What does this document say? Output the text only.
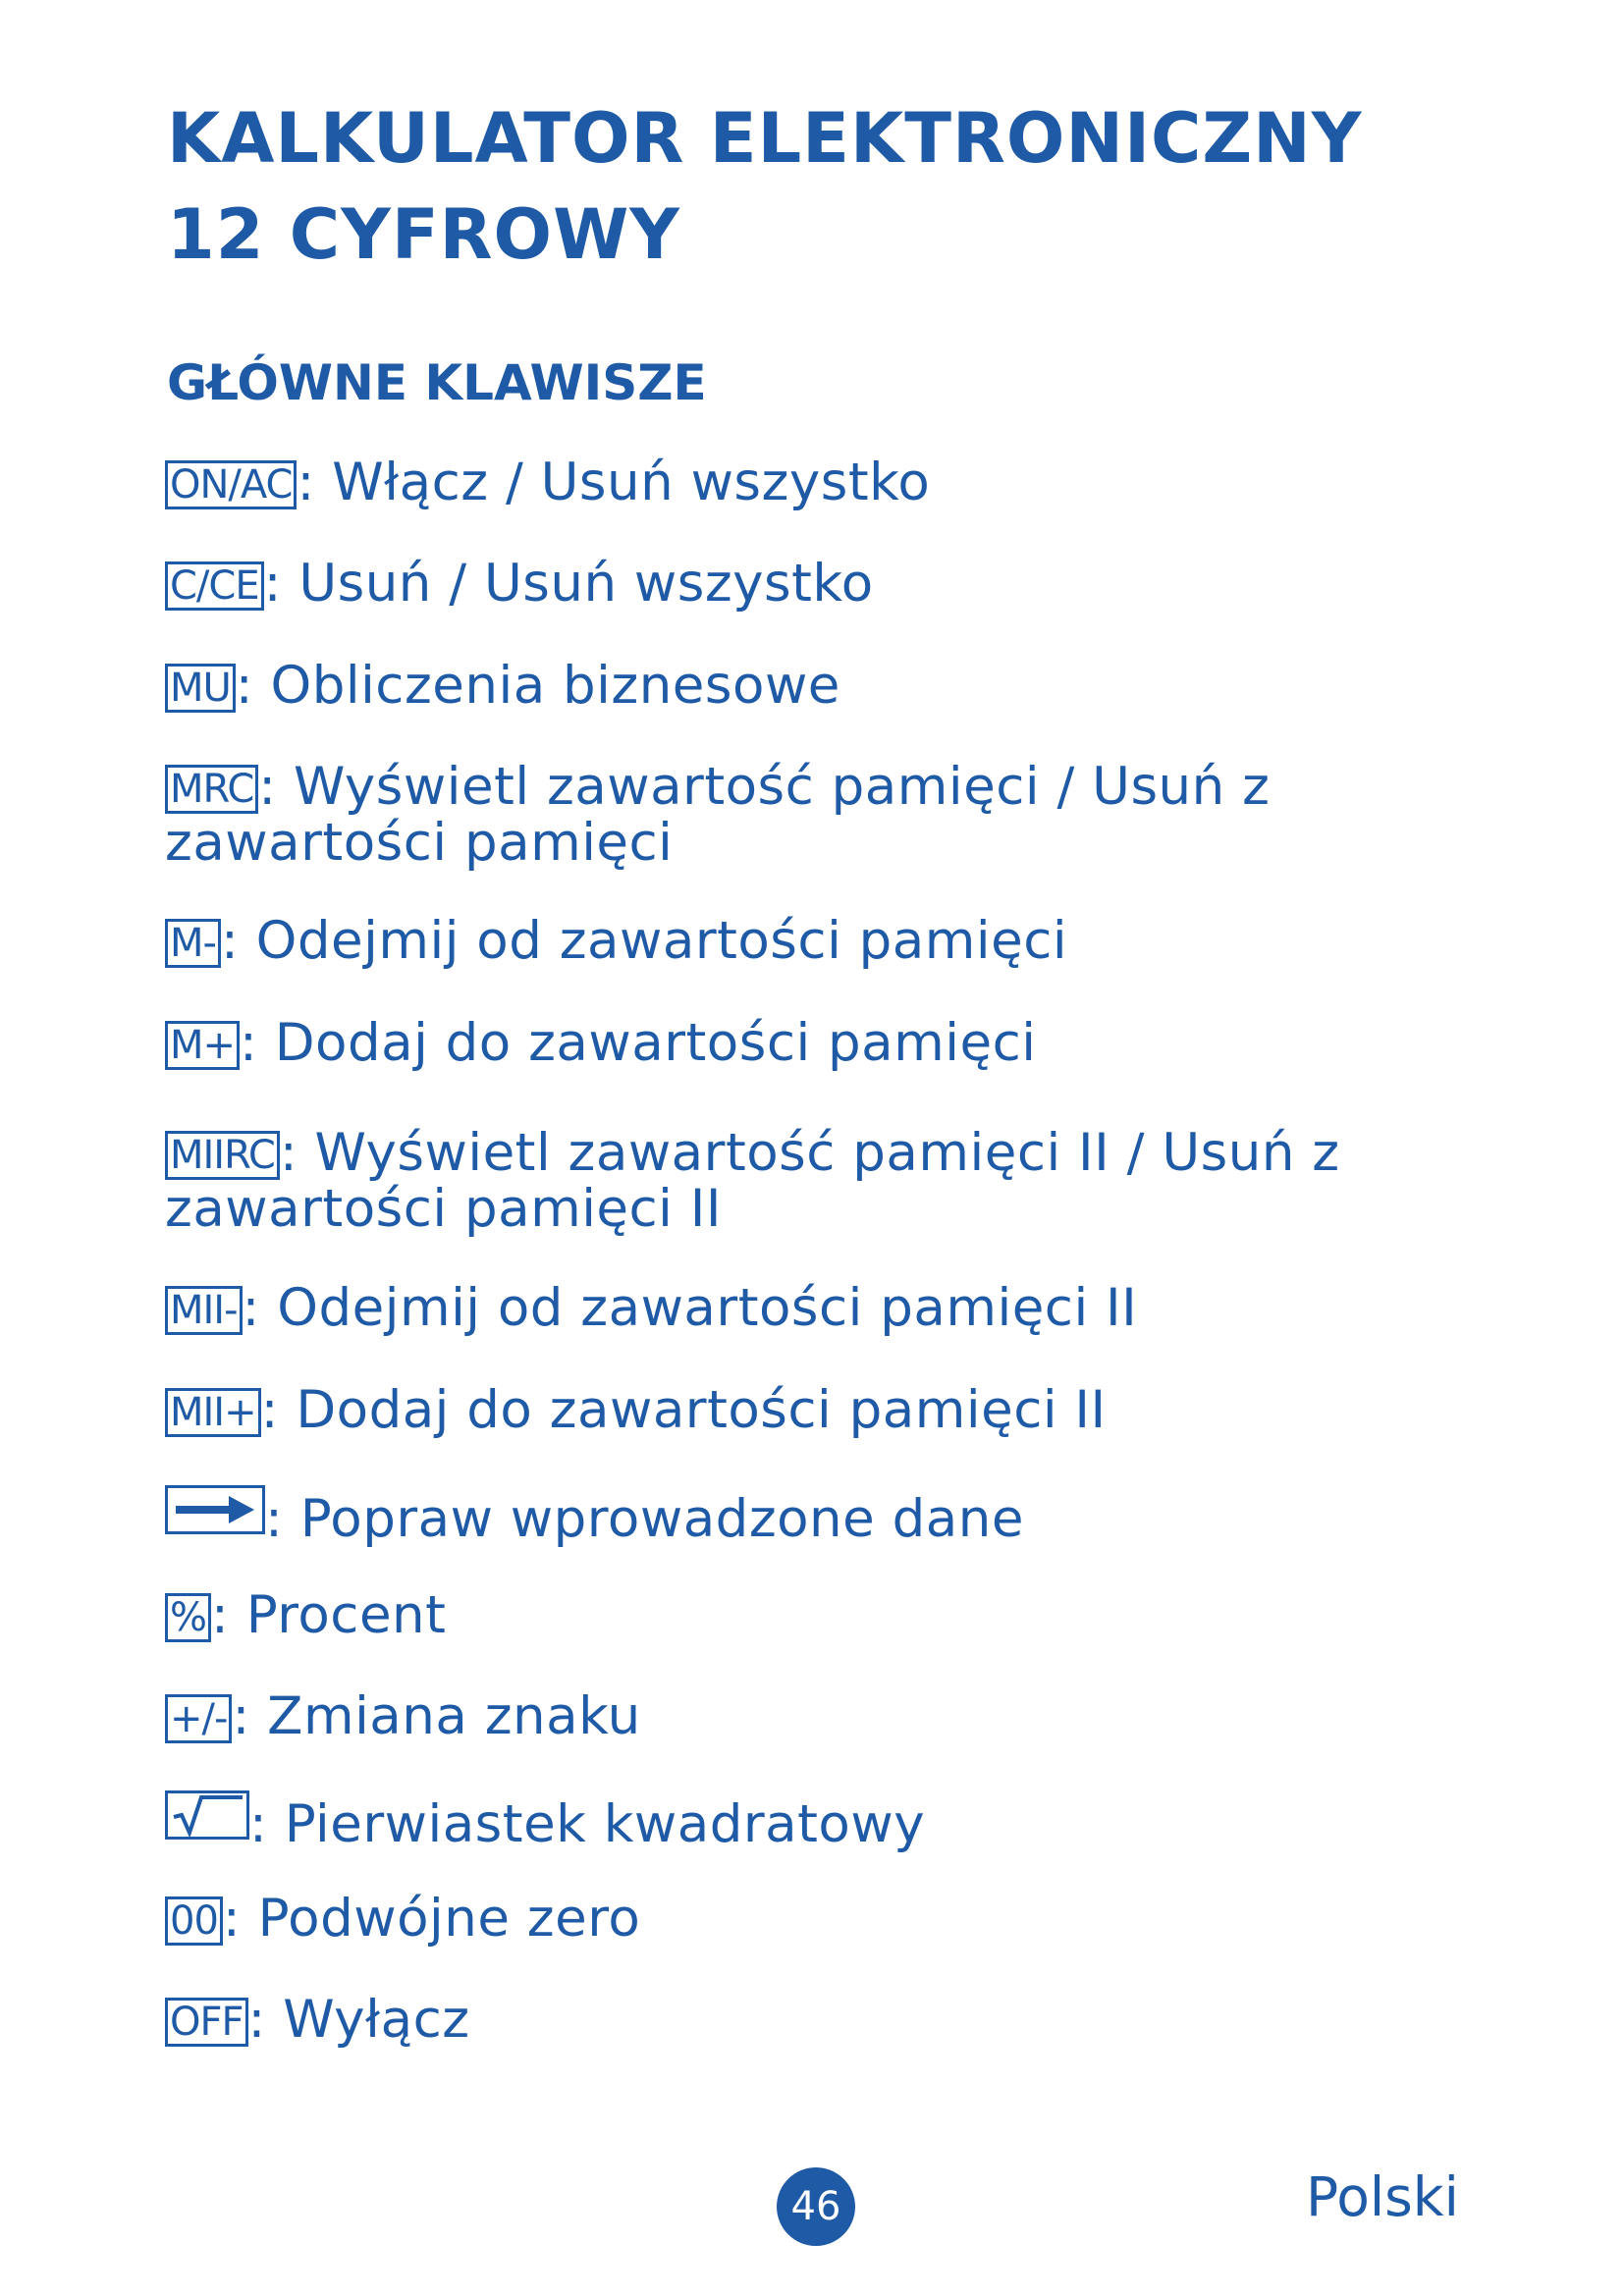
KALKULATOR ELEKTRONICZNY
12 CYFROWY
GŁÓWNE KLAWISZE
ON/AC: Włącz / Usuń wszystko
C/CE: Usuń / Usuń wszystko
MU: Obliczenia biznesowe
MRC: Wyświetl zawartość pamięci / Usuń z zawartości pamięci
M-: Odejmij od zawartości pamięci
M+: Dodaj do zawartości pamięci
MIIRC: Wyświetl zawartość pamięci II / Usuń z zawartości pamięci II
MII-: Odejmij od zawartości pamięci II
MII+: Dodaj do zawartości pamięci II
: Popraw wprowadzone dane
%: Procent
+/-: Zmiana znaku
: Pierwiastek kwadratowy
00: Podwójne zero
OFF: Wyłącz
46	Polski
